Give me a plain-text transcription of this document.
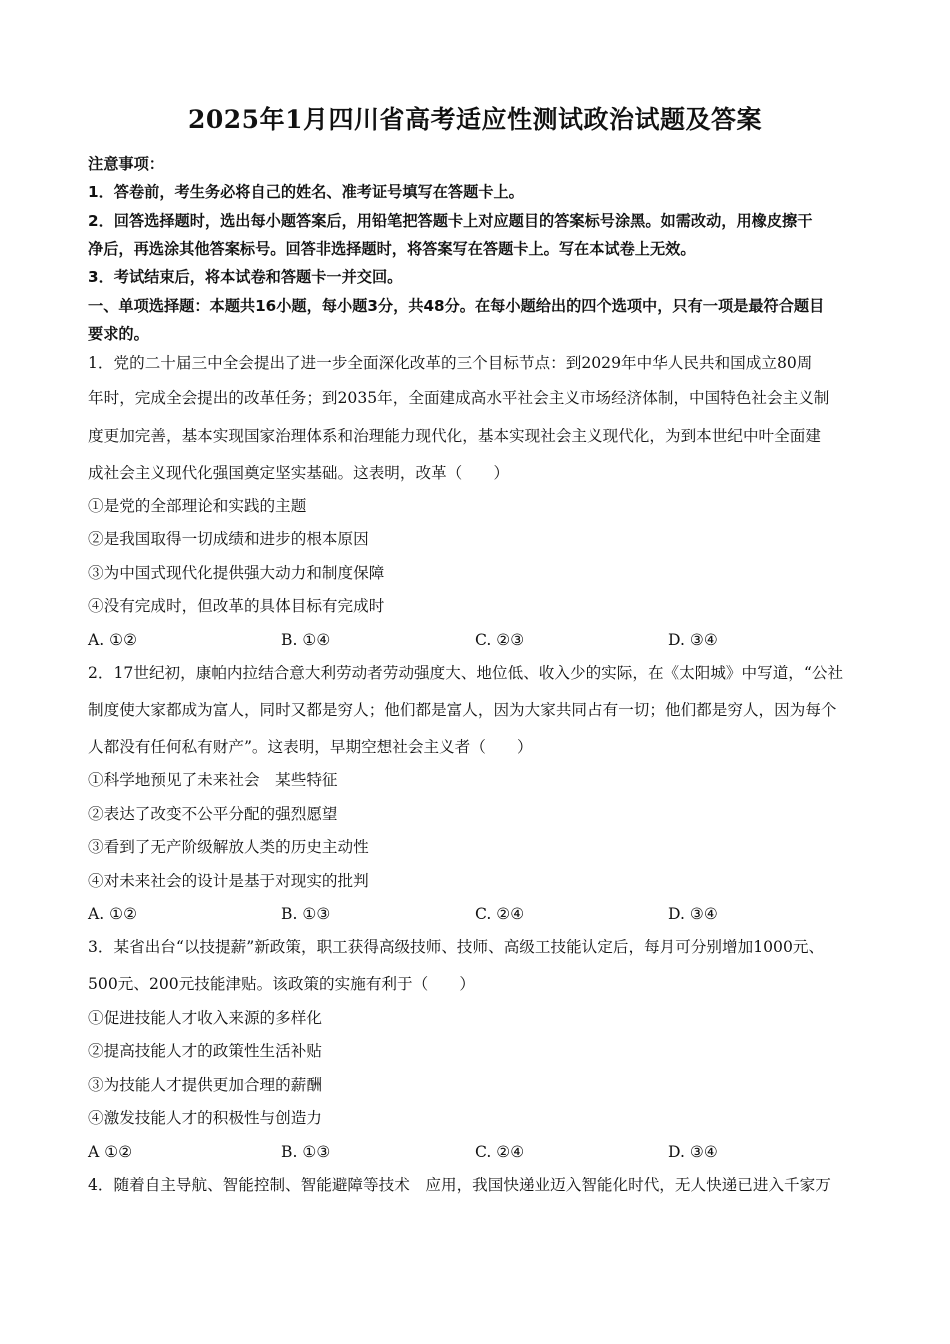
2025年1月四川省高考适应性测试政治试题及答案
注意事项：
1．答卷前，考生务必将自己的姓名、准考证号填写在答题卡上。
2．回答选择题时，选出每小题答案后，用铅笔把答题卡上对应题目的答案标号涂黑。如需改动，用橡皮擦干
净后，再选涂其他答案标号。回答非选择题时，将答案写在答题卡上。写在本试卷上无效。
3．考试结束后，将本试卷和答题卡一并交回。
一、单项选择题：本题共16小题，每小题3分，共48分。在每小题给出的四个选项中，只有一项是最符合题目
要求的。
1．党的二十届三中全会提出了进一步全面深化改革的三个目标节点：到2029年中华人民共和国成立80周
年时，完成全会提出的改革任务；到2035年，全面建成高水平社会主义市场经济体制，中国特色社会主义制
度更加完善，基本实现国家治理体系和治理能力现代化，基本实现社会主义现代化，为到本世纪中叶全面建
成社会主义现代化强国奠定坚实基础。这表明，改革（　　）
①是党的全部理论和实践的主题
②是我国取得一切成绩和进步的根本原因
③为中国式现代化提供强大动力和制度保障
④没有完成时，但改革的具体目标有完成时
A. ①②	B. ①④	C. ②③	D. ③④
2．17世纪初，康帕内拉结合意大利劳动者劳动强度大、地位低、收入少的实际，在《太阳城》中写道，“公社
制度使大家都成为富人，同时又都是穷人；他们都是富人，因为大家共同占有一切；他们都是穷人，因为每个
人都没有任何私有财产”。这表明，早期空想社会主义者（　　）
①科学地预见了未来社会　某些特征
②表达了改变不公平分配的强烈愿望
③看到了无产阶级解放人类的历史主动性
④对未来社会的设计是基于对现实的批判
A. ①②	B. ①③	C. ②④	D. ③④
3．某省出台“以技提薪”新政策，职工获得高级技师、技师、高级工技能认定后，每月可分别增加1000元、
500元、200元技能津贴。该政策的实施有利于（　　）
①促进技能人才收入来源的多样化
②提高技能人才的政策性生活补贴
③为技能人才提供更加合理的薪酬
④激发技能人才的积极性与创造力
A ①②	B. ①③	C. ②④	D. ③④
4．随着自主导航、智能控制、智能避障等技术　应用，我国快递业迈入智能化时代，无人快递已进入千家万
